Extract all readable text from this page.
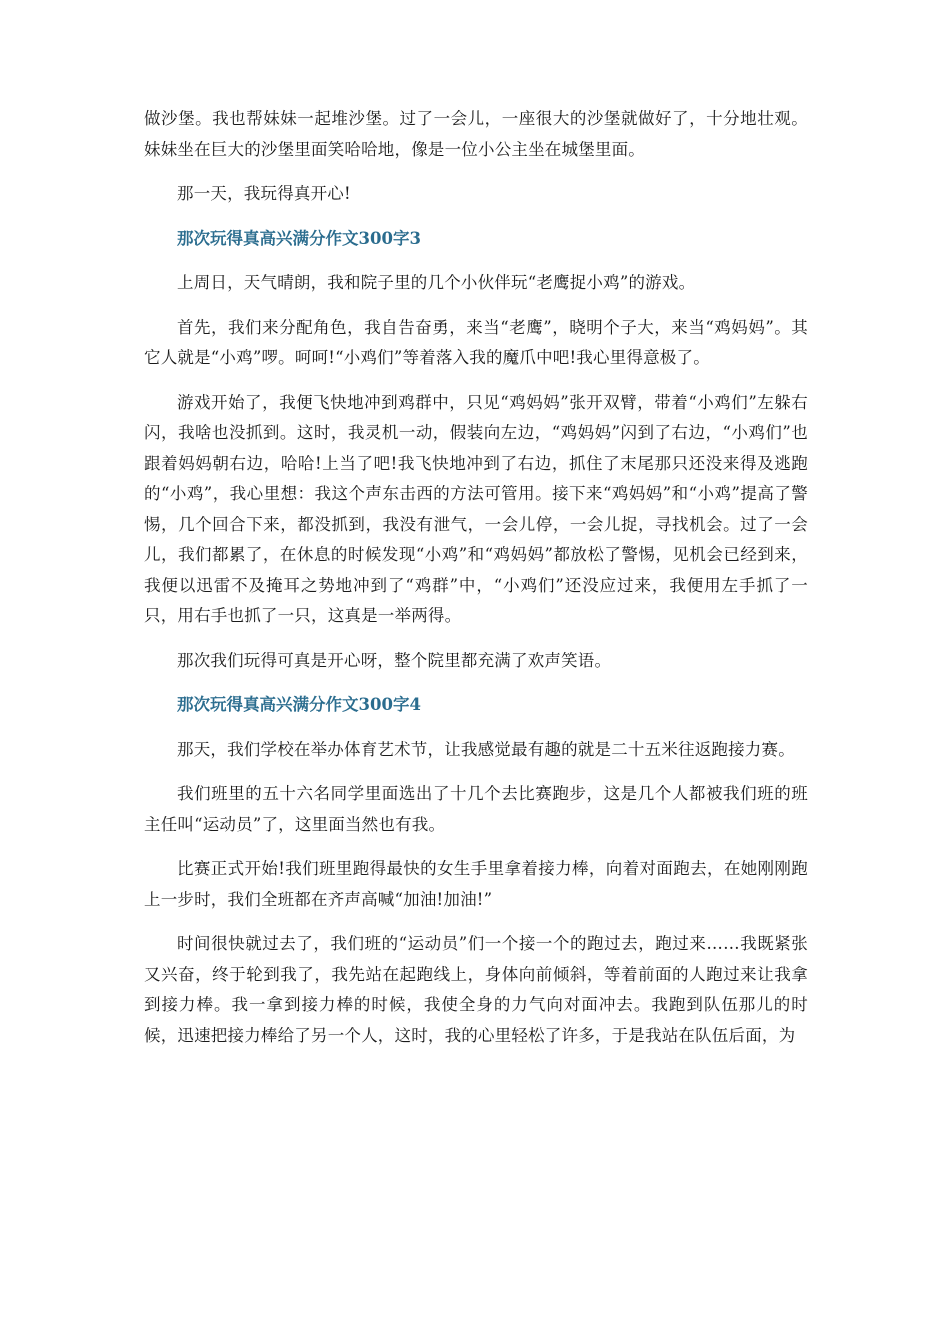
做沙堡。我也帮妹妹一起堆沙堡。过了一会儿，一座很大的沙堡就做好了，十分地壮观。妹妹坐在巨大的沙堡里面笑哈哈地，像是一位小公主坐在城堡里面。

那一天，我玩得真开心!

那次玩得真高兴满分作文300字3

上周日，天气晴朗，我和院子里的几个小伙伴玩“老鹰捉小鸡”的游戏。

首先，我们来分配角色，我自告奋勇，来当“老鹰”，晓明个子大，来当“鸡妈妈”。其它人就是“小鸡”啰。呵呵!“小鸡们”等着落入我的魔爪中吧!我心里得意极了。

游戏开始了，我便飞快地冲到鸡群中，只见“鸡妈妈”张开双臂，带着“小鸡们”左躲右闪，我啥也没抓到。这时，我灵机一动，假装向左边，“鸡妈妈”闪到了右边，“小鸡们”也跟着妈妈朝右边，哈哈!上当了吧!我飞快地冲到了右边，抓住了末尾那只还没来得及逃跑的“小鸡”，我心里想：我这个声东击西的方法可管用。接下来“鸡妈妈”和“小鸡”提高了警惕，几个回合下来，都没抓到，我没有泄气，一会儿停，一会儿捉，寻找机会。过了一会儿，我们都累了，在休息的时候发现“小鸡”和“鸡妈妈”都放松了警惕，见机会已经到来，我便以迅雷不及掩耳之势地冲到了“鸡群”中，“小鸡们”还没应过来，我便用左手抓了一只，用右手也抓了一只，这真是一举两得。

那次我们玩得可真是开心呀，整个院里都充满了欢声笑语。

那次玩得真高兴满分作文300字4

那天，我们学校在举办体育艺术节，让我感觉最有趣的就是二十五米往返跑接力赛。

我们班里的五十六名同学里面选出了十几个去比赛跑步，这是几个人都被我们班的班主任叫“运动员”了，这里面当然也有我。

比赛正式开始!我们班里跑得最快的女生手里拿着接力棒，向着对面跑去，在她刚刚跑上一步时，我们全班都在齐声高喊“加油!加油!”

时间很快就过去了，我们班的“运动员”们一个接一个的跑过去，跑过来……我既紧张又兴奋，终于轮到我了，我先站在起跑线上，身体向前倾斜，等着前面的人跑过来让我拿到接力棒。我一拿到接力棒的时候，我使全身的力气向对面冲去。我跑到队伍那儿的时候，迅速把接力棒给了另一个人，这时，我的心里轻松了许多，于是我站在队伍后面，为
